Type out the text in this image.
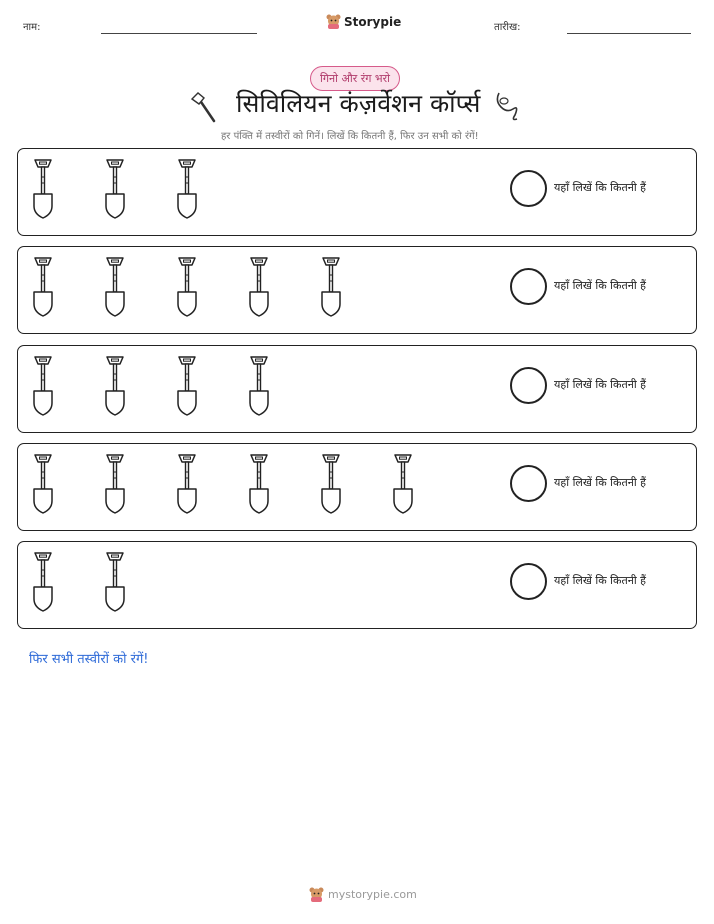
नाम:	Storypie	तारीख:
गिनो और रंग भरो
सिविलियन कंज़र्वेशन कॉर्प्स
हर पंक्ति में तस्वीरों को गिनें। लिखें कि कितनी हैं, फिर उन सभी को रंगें!
यहाँ लिखें कि कितनी हैं
यहाँ लिखें कि कितनी हैं
यहाँ लिखें कि कितनी हैं
यहाँ लिखें कि कितनी हैं
यहाँ लिखें कि कितनी हैं
फिर सभी तस्वीरों को रंगें!
mystorypie.com
